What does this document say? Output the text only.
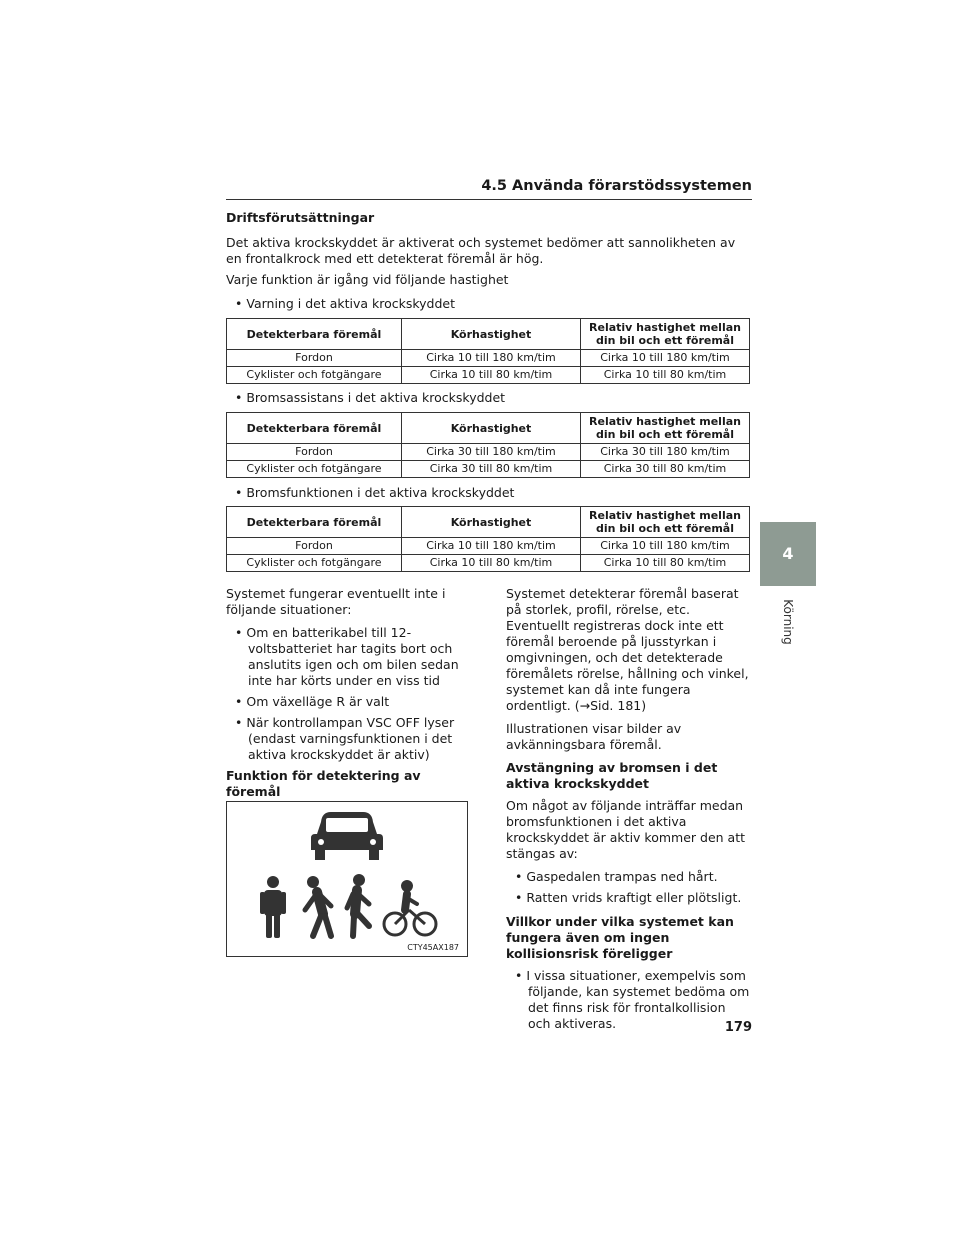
4.5 Använda förarstödssystemen
Driftsförutsättningar
Det aktiva krockskyddet är aktiverat och systemet bedömer att sannolikheten av en frontalkrock med ett detekterat föremål är hög.
Varje funktion är igång vid följande hastighet
• Varning i det aktiva krockskyddet
Detekterbara föremål	Körhastighet	Relativ hastighet mellan din bil och ett föremål
Fordon	Cirka 10 till 180 km/tim	Cirka 10 till 180 km/tim
Cyklister och fotgängare	Cirka 10 till 80 km/tim	Cirka 10 till 80 km/tim
• Bromsassistans i det aktiva krockskyddet
Detekterbara föremål	Körhastighet	Relativ hastighet mellan din bil och ett föremål
Fordon	Cirka 30 till 180 km/tim	Cirka 30 till 180 km/tim
Cyklister och fotgängare	Cirka 30 till 80 km/tim	Cirka 30 till 80 km/tim
• Bromsfunktionen i det aktiva krockskyddet
Detekterbara föremål	Körhastighet	Relativ hastighet mellan din bil och ett föremål
Fordon	Cirka 10 till 180 km/tim	Cirka 10 till 180 km/tim
Cyklister och fotgängare	Cirka 10 till 80 km/tim	Cirka 10 till 80 km/tim
Systemet fungerar eventuellt inte i följande situationer:
• Om en batterikabel till 12-voltsbatteriet har tagits bort och anslutits igen och om bilen sedan inte har körts under en viss tid
• Om växelläge R är valt
• När kontrollampan VSC OFF lyser (endast varningsfunktionen i det aktiva krockskyddet är aktiv)
Funktion för detektering av föremål
CTY45AX187
Systemet detekterar föremål baserat på storlek, profil, rörelse, etc. Eventuellt registreras dock inte ett föremål beroende på ljusstyrkan i omgivningen, och det detekterade föremålets rörelse, hållning och vinkel, systemet kan då inte fungera ordentligt. (→Sid. 181)
Illustrationen visar bilder av avkänningsbara föremål.
Avstängning av bromsen i det aktiva krockskyddet
Om något av följande inträffar medan bromsfunktionen i det aktiva krockskyddet är aktiv kommer den att stängas av:
• Gaspedalen trampas ned hårt.
• Ratten vrids kraftigt eller plötsligt.
Villkor under vilka systemet kan fungera även om ingen kollisionsrisk föreligger
• I vissa situationer, exempelvis som följande, kan systemet bedöma om det finns risk för frontalkollision och aktiveras.
4
Körning
179
